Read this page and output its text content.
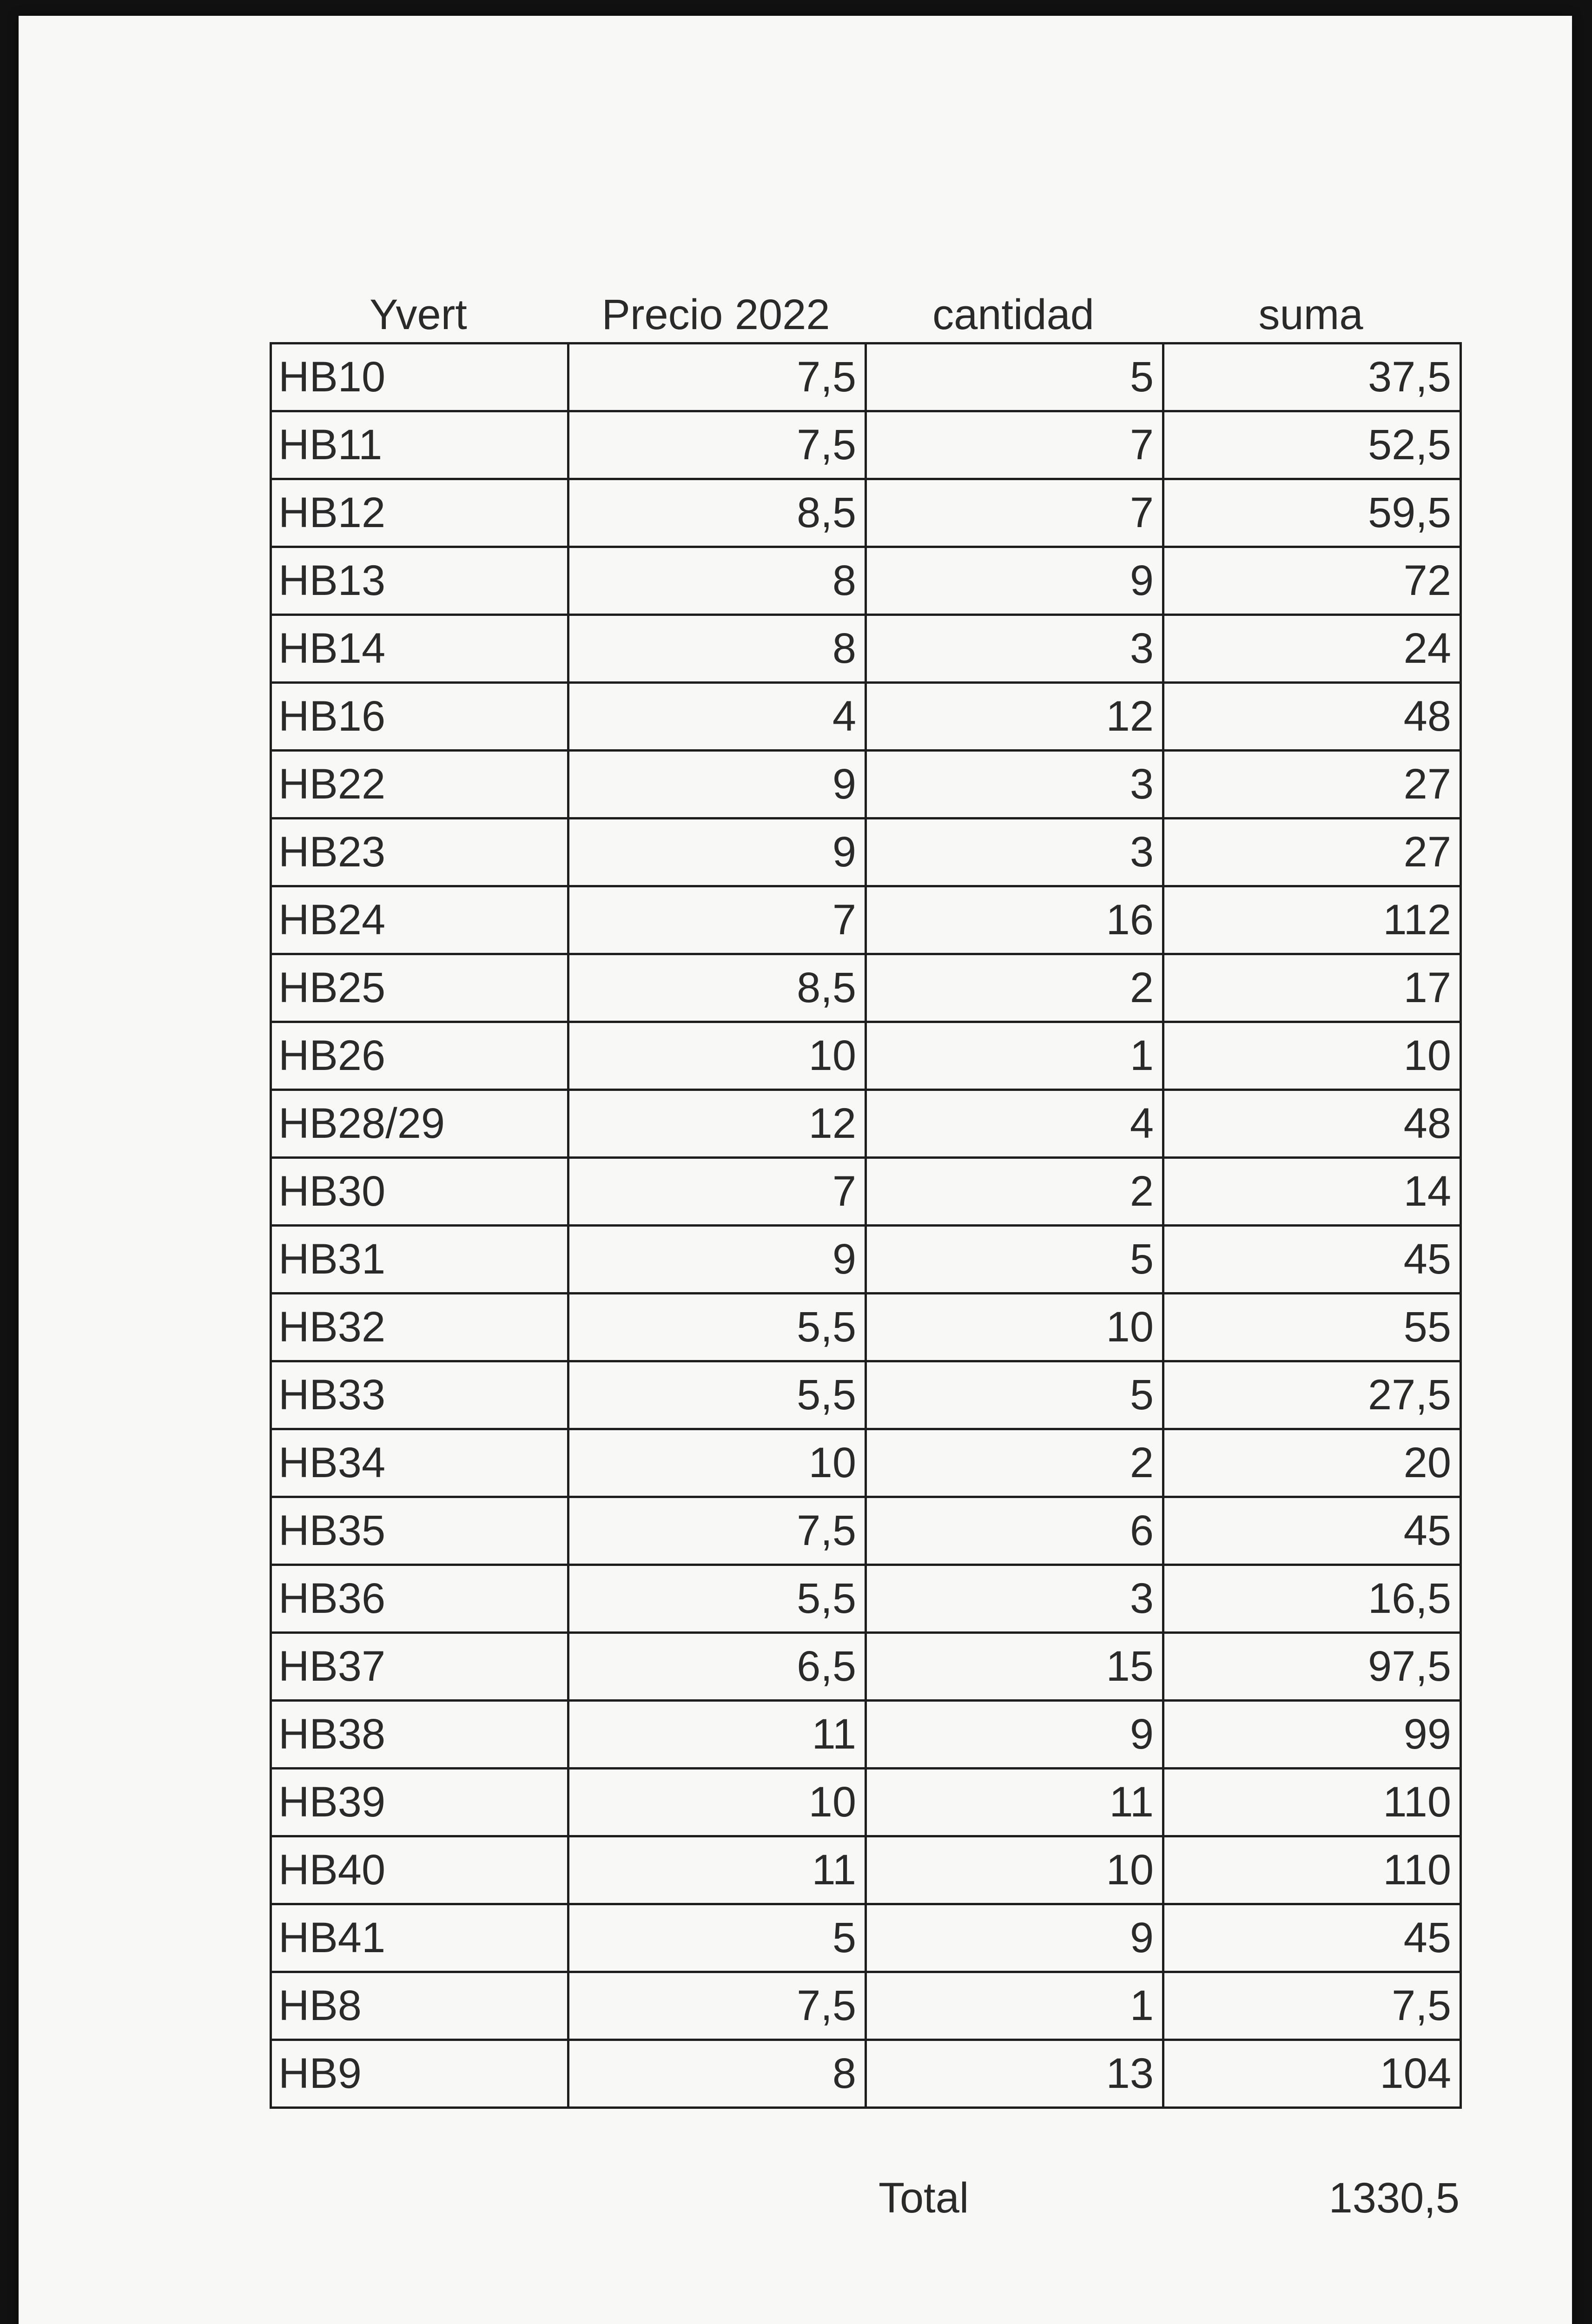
Yvert	Precio 2022	cantidad	suma
HB10	7,5	5	37,5
HB11	7,5	7	52,5
HB12	8,5	7	59,5
HB13	8	9	72
HB14	8	3	24
HB16	4	12	48
HB22	9	3	27
HB23	9	3	27
HB24	7	16	112
HB25	8,5	2	17
HB26	10	1	10
HB28/29	12	4	48
HB30	7	2	14
HB31	9	5	45
HB32	5,5	10	55
HB33	5,5	5	27,5
HB34	10	2	20
HB35	7,5	6	45
HB36	5,5	3	16,5
HB37	6,5	15	97,5
HB38	11	9	99
HB39	10	11	110
HB40	11	10	110
HB41	5	9	45
HB8	7,5	1	7,5
HB9	8	13	104
Total	1330,5
